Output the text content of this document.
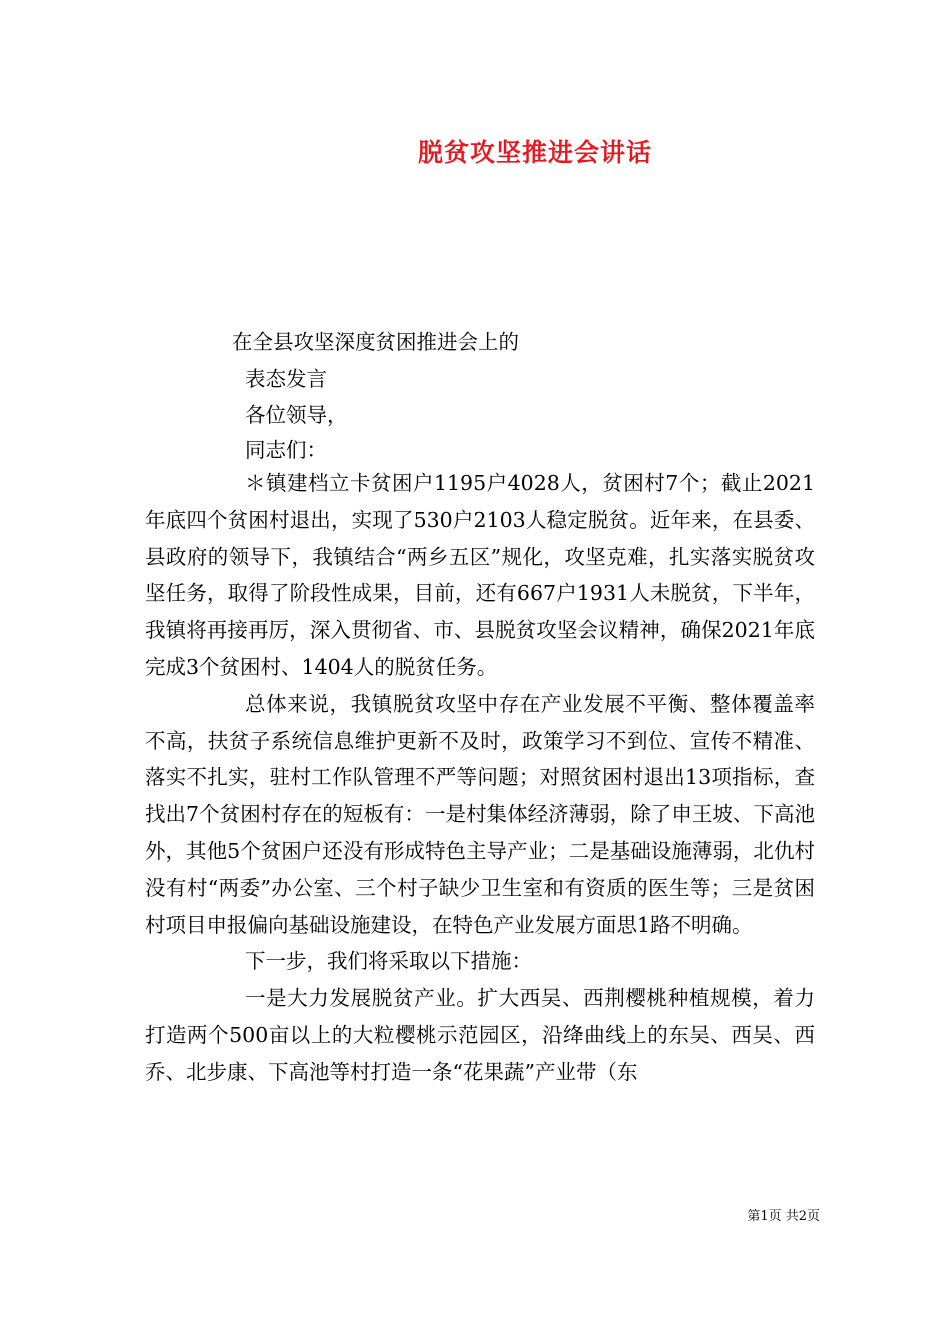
脱贫攻坚推进会讲话
在全县攻坚深度贫困推进会上的
表态发言
各位领导，
同志们：

＊镇建档立卡贫困户1195户4028人，贫困村7个；截止2021年底四个贫困村退出，实现了530户2103人稳定脱贫。近年来，在县委、县政府的领导下，我镇结合“两乡五区”规化，攻坚克难，扎实落实脱贫攻坚任务，取得了阶段性成果，目前，还有667户1931人未脱贫，下半年，我镇将再接再厉，深入贯彻省、市、县脱贫攻坚会议精神，确保2021年底完成3个贫困村、1404人的脱贫任务。

总体来说，我镇脱贫攻坚中存在产业发展不平衡、整体覆盖率不高，扶贫子系统信息维护更新不及时，政策学习不到位、宣传不精准、落实不扎实，驻村工作队管理不严等问题；对照贫困村退出13项指标，查找出7个贫困村存在的短板有：一是村集体经济薄弱，除了申王坡、下高池外，其他5个贫困户还没有形成特色主导产业；二是基础设施薄弱，北仇村没有村“两委”办公室、三个村子缺少卫生室和有资质的医生等；三是贫困村项目申报偏向基础设施建设，在特色产业发展方面思1路不明确。

下一步，我们将采取以下措施：

一是大力发展脱贫产业。扩大西吴、西荆樱桃种植规模，着力打造两个500亩以上的大粒樱桃示范园区，沿绛曲线上的东吴、西吴、西乔、北步康、下高池等村打造一条“花果蔬”产业带（东

第1页 共2页
